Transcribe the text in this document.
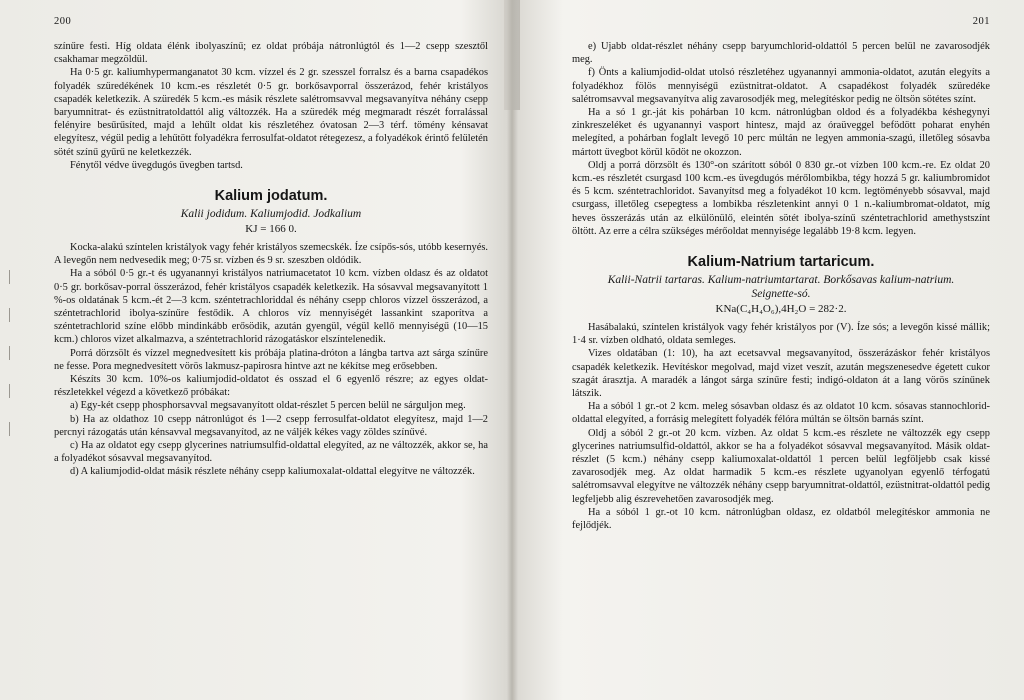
200

színűre festi. Híg oldata élénk ibolyaszínű; ez oldat próbája nátronlúgtól és 1—2 csepp szesztől csakhamar megzöldül.

Ha 0·5 gr. kaliumhypermanganatot 30 kcm. vízzel és 2 gr. szesszel forralsz és a barna csapadékos folyadék szüredékének 10 kcm.-es részletét 0·5 gr. borkősavporral összerázod, fehér kristályos csapadék keletkezik. A szüredék 5 kcm.-es másik részlete salétromsavval megsavanyítva néhány csepp baryumnitrat- és ezüstnitratoldattól alig változzék. Ha a szüredék még megmaradt részét forralással felényire besűrűsíted, majd a lehűlt oldat kis részletéhez óvatosan 2—3 térf. tömény kénsavat elegyítesz, végül pedig a lehűtött folyadékra ferrosulfat-oldatot rétegezesz, a folyadékok érintő felületén sötét színű gyűrű ne keletkezzék.

Fénytől védve üvegdugós üvegben tartsd.

Kalium jodatum.
Kalii jodidum. Kaliumjodid. Jodkalium
KJ = 166 0.

Kocka-alakú színtelen kristályok vagy fehér kristályos szemecskék. Íze csípős-sós, utóbb kesernyés. A levegőn nem nedvesedik meg; 0·75 sr. vízben és 9 sr. szeszben oldódik.

Ha a sóból 0·5 gr.-t és ugyanannyi kristályos natriumacetatot 10 kcm. vízben oldasz és az oldatot 0·5 gr. borkősav-porral összerázod, fehér kristályos csapadék keletkezik. Ha sósavval megsavanyított 1 %-os oldatának 5 kcm.-ét 2—3 kcm. széntetrachloriddal és néhány csepp chloros vízzel összerázod, a széntetrachlorid ibolya-színűre festődik. A chloros víz mennyiségét lassankint szaporítva a széntetrachlorid színe előbb mindinkább erősödik, azután gyengül, végül kellő mennyiségű (10—15 kcm.) chloros vizet alkalmazva, a széntetrachlorid rázogatáskor elszíntelenedik.

Porrá dörzsölt és vízzel megnedvesített kis próbája platina-dróton a lángba tartva azt sárga színűre ne fesse. Pora megnedvesített vörös lakmusz-papirosra hintve azt ne kékítse meg erősebben.

Készíts 30 kcm. 10%-os kaliumjodid-oldatot és osszad el 6 egyenlő részre; az egyes oldat-részletekkel végezd a következő próbákat:

a) Egy-két csepp phosphorsavval megsavanyított oldat-részlet 5 percen belül ne sárguljon meg.

b) Ha az oldathoz 10 csepp nátronlúgot és 1—2 csepp ferrosulfat-oldatot elegyítesz, majd 1—2 percnyi rázogatás után kénsavval megsavanyítod, az ne váljék kékes vagy zöldes színűvé.

c) Ha az oldatot egy csepp glycerines natriumsulfid-oldattal elegyíted, az ne változzék, akkor se, ha a folyadékot sósavval megsavanyítod.

d) A kaliumjodid-oldat másik részlete néhány csepp kaliumoxalat-oldattal elegyítve ne változzék.

201

e) Ujabb oldat-részlet néhány csepp baryumchlorid-oldattól 5 percen belül ne zavarosodjék meg.

f) Önts a kaliumjodid-oldat utolsó részletéhez ugyanannyi ammonia-oldatot, azután elegyíts a folyadékhoz fölös mennyiségű ezüstnitrat-oldatot. A csapadékost folyadék szüredéke salétromsavval megsavanyítva alig zavarosodjék meg, melegítéskor pedig ne öltsön sötétes színt.

Ha a só 1 gr.-ját kis pohárban 10 kcm. nátronlúgban oldod és a folyadékba késhegynyi zinkreszeléket és ugyanannyi vasport hintesz, majd az óraüveggel befödött poharat enyhén melegíted, a pohárban foglalt levegő 10 perc múltán ne legyen ammonia-szagú, illetőleg sósavba mártott üvegbot körül ködöt ne okozzon.

Oldj a porrá dörzsölt és 130°-on szárított sóból 0 830 gr.-ot vízben 100 kcm.-re. Ez oldat 20 kcm.-es részletét csurgasd 100 kcm.-es üvegdugós mérőlombikba, tégy hozzá 5 gr. kaliumbromidot és 5 kcm. széntetrachloridot. Savanyítsd meg a folyadékot 10 kcm. legtöményebb sósavval, majd csurgass, illetőleg csepegtess a lombikba részletenkint annyi 0 1 n.-kaliumbromat-oldatot, míg heves összerázás után az elkülönülő, eleintén sötét ibolya-színű széntetrachlorid amethystszínt öltött. Az erre a célra szükséges mérőoldat mennyisége legalább 19·8 kcm. legyen.

Kalium-Natrium tartaricum.
Kalii-Natrii tartaras. Kalium-natriumtartarat. Borkősavas kalium-natrium.
Seignette-só.
KNa(C₄H₄O₆),4H₂O = 282·2.

Hasábalakú, színtelen kristályok vagy fehér kristályos por (V). Íze sós; a levegőn kissé mállik; 1·4 sr. vízben oldható, oldata semleges.

Vizes oldatában (1: 10), ha azt ecetsavval megsavanyítod, összerázáskor fehér kristályos csapadék keletkezik. Hevítéskor megolvad, majd vizet veszít, azután megszenesedve égetett cukor szagát árasztja. A maradék a lángot sárga színűre festi; indigó-oldaton át a lang vörös színűnek látszik.

Ha a sóból 1 gr.-ot 2 kcm. meleg sósavban oldasz és az oldatot 10 kcm. sósavas stannochlorid-oldattal elegyíted, a forrásig melegített folyadék félóra múltán se öltsön barnás színt.

Oldj a sóból 2 gr.-ot 20 kcm. vízben. Az oldat 5 kcm.-es részlete ne változzék egy csepp glycerines natriumsulfid-oldattól, akkor se ha a folyadékot sósavval megsavanyítod. Másik oldat-részlet (5 kcm.) néhány csepp kaliumoxalat-oldattól 1 percen belül legföljebb csak kissé zavarosodjék meg. Az oldat harmadik 5 kcm.-es részlete ugyanolyan egyenlő térfogatú salétromsavval elegyítve ne változzék néhány csepp baryumnitrat-oldattól, ezüstnitrat-oldattól pedig legfeljebb alig észrevehetően zavarosodjék meg.

Ha a sóból 1 gr.-ot 10 kcm. nátronlúgban oldasz, ez oldatból melegítéskor ammonia ne fejlődjék.
